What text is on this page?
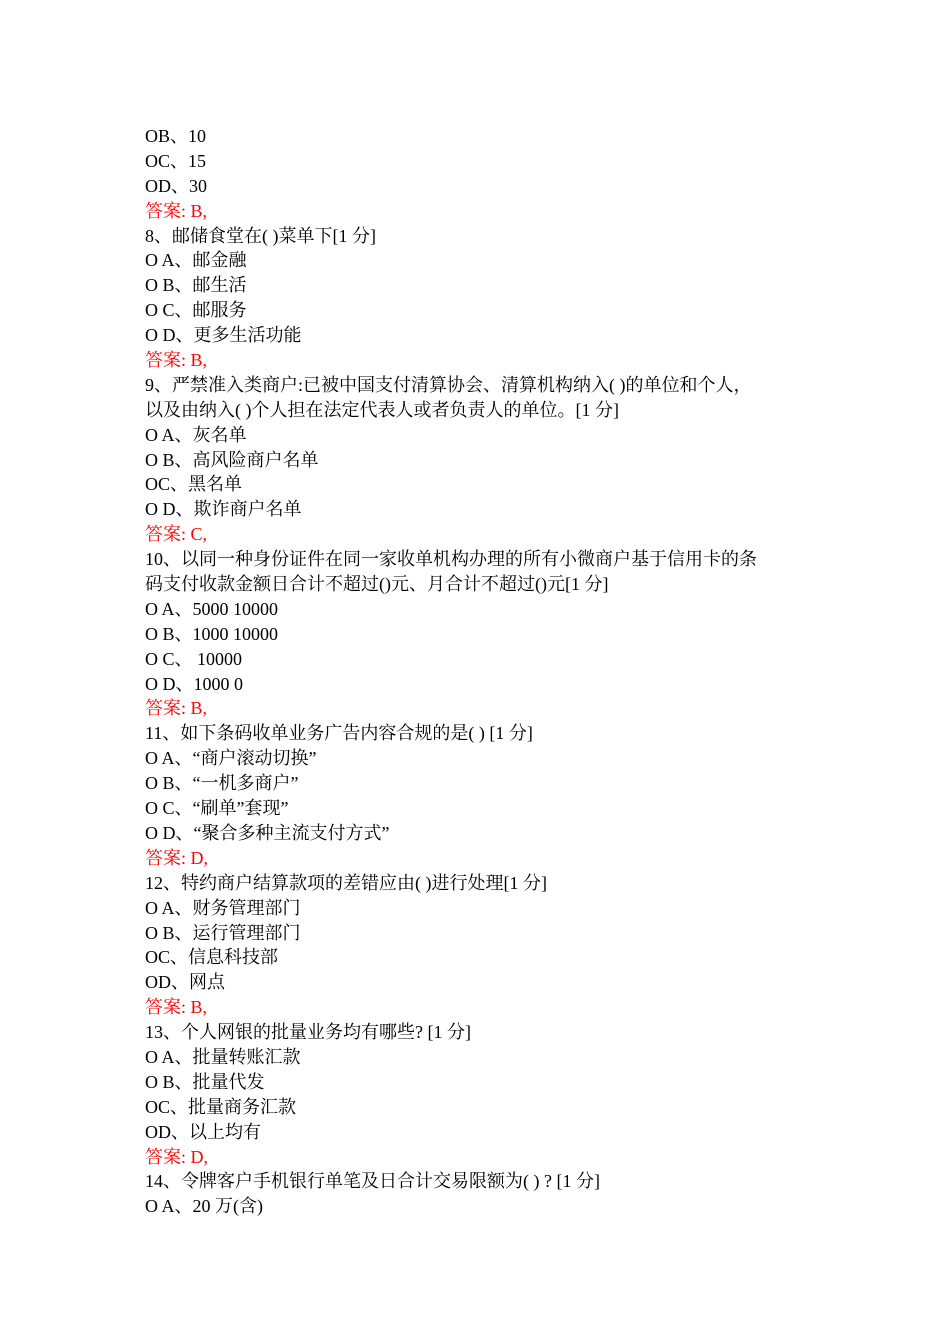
OB、10
OC、15
OD、30
答案: B,
8、邮储食堂在( )菜单下[1 分]
O A、邮金融
O B、邮生活
O C、邮服务
O D、更多生活功能
答案: B,
9、严禁准入类商户:已被中国支付清算协会、清算机构纳入( )的单位和个人，
以及由纳入( )个人担在法定代表人或者负责人的单位。[1 分]
O A、灰名单
O B、高风险商户名单
OC、黑名单
O D、欺诈商户名单
答案: C,
10、以同一种身份证件在同一家收单机构办理的所有小微商户基于信用卡的条
码支付收款金额日合计不超过()元、月合计不超过()元[1 分]
O A、5000 10000
O B、1000 10000
O C、 10000
O D、1000 0
答案: B,
11、如下条码收单业务广告内容合规的是( ) [1 分]
O A、“商户滚动切换”
O B、“一机多商户”
O C、“刷单”套现”
O D、“聚合多种主流支付方式”
答案: D,
12、特约商户结算款项的差错应由( )进行处理[1 分]
O A、财务管理部门
O B、运行管理部门
OC、信息科技部
OD、网点
答案: B,
13、个人网银的批量业务均有哪些? [1 分]
O A、批量转账汇款
O B、批量代发
OC、批量商务汇款
OD、以上均有
答案: D,
14、令牌客户手机银行单笔及日合计交易限额为( ) ? [1 分]
O A、20 万(含)
